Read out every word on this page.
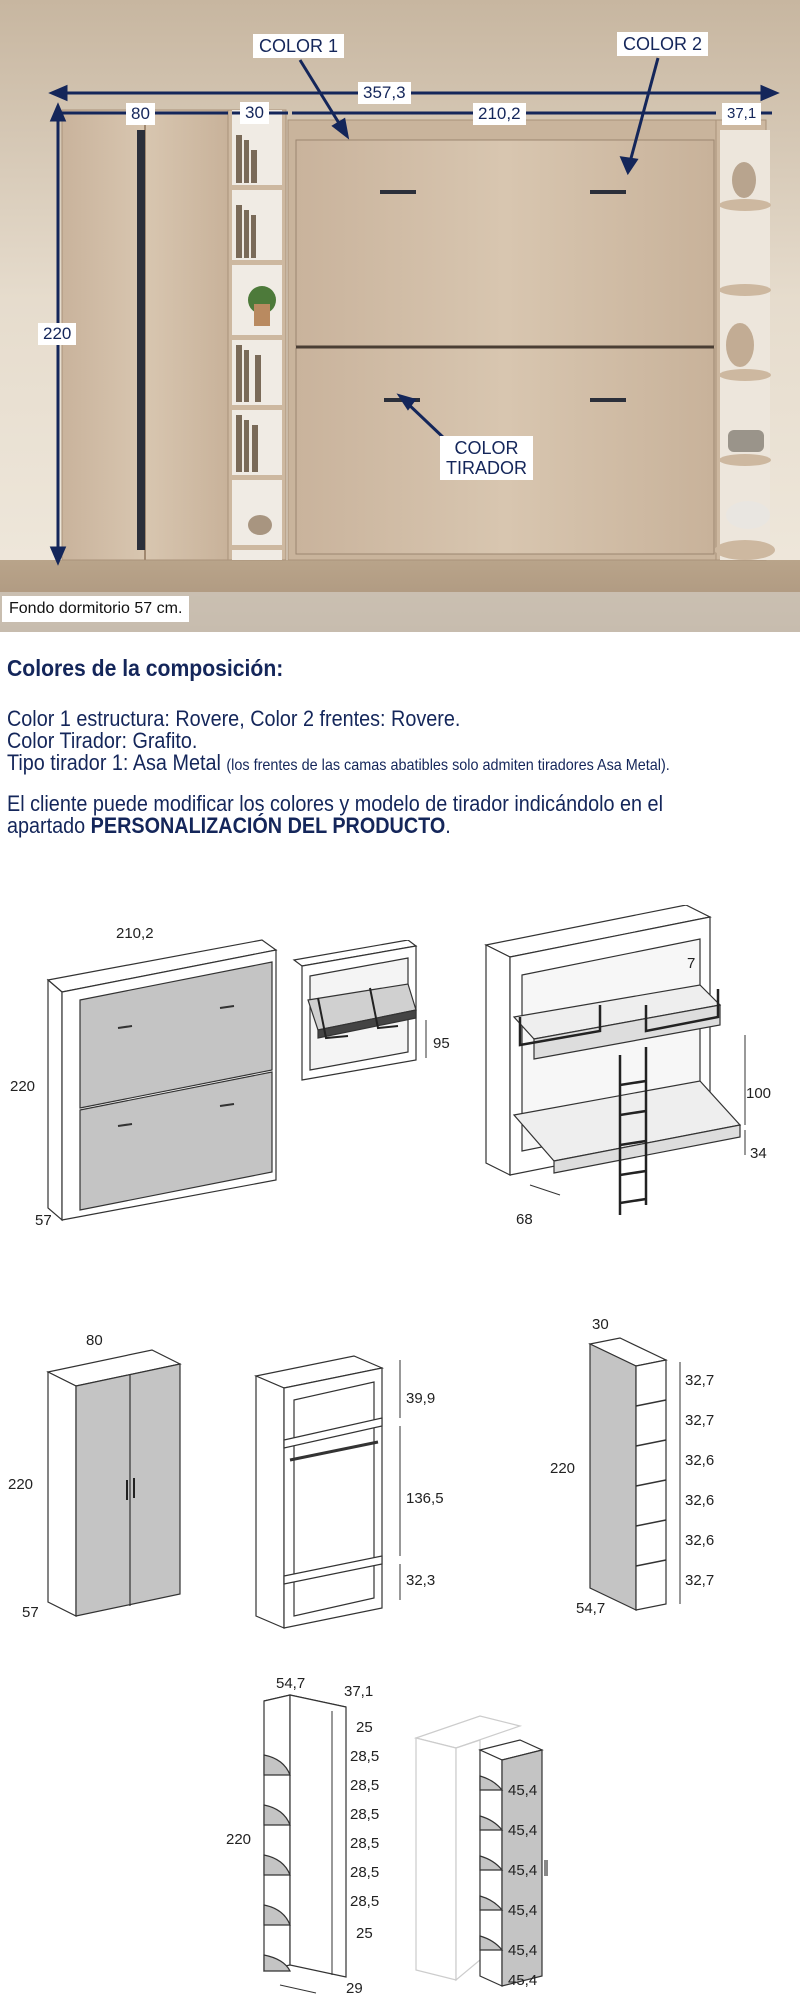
COLOR 1	COLOR 2
COLOR
TIRADOR
357,3
80	30	210,2	37,1
220
Fondo dormitorio 57 cm.
Colores de la composición:
Color 1 estructura: Rovere, Color 2 frentes: Rovere.
Color Tirador: Grafito.
Tipo tirador 1: Asa Metal (los frentes de las camas abatibles solo admiten tiradores Asa Metal).
El cliente puede modificar los colores y modelo de tirador indicándolo en el
apartado PERSONALIZACIÓN DEL PRODUCTO.
210,2
220
57
95
7
100
34
68
80
220
57
39,9
136,5
32,3
30
220
54,7
32,7
32,7
32,6
32,6
32,6
32,7
54,7	37,1
220
29
25
28,5
28,5
28,5
28,5
28,5
28,5
25
45,4
45,4
45,4
45,4
45,4
45,4
